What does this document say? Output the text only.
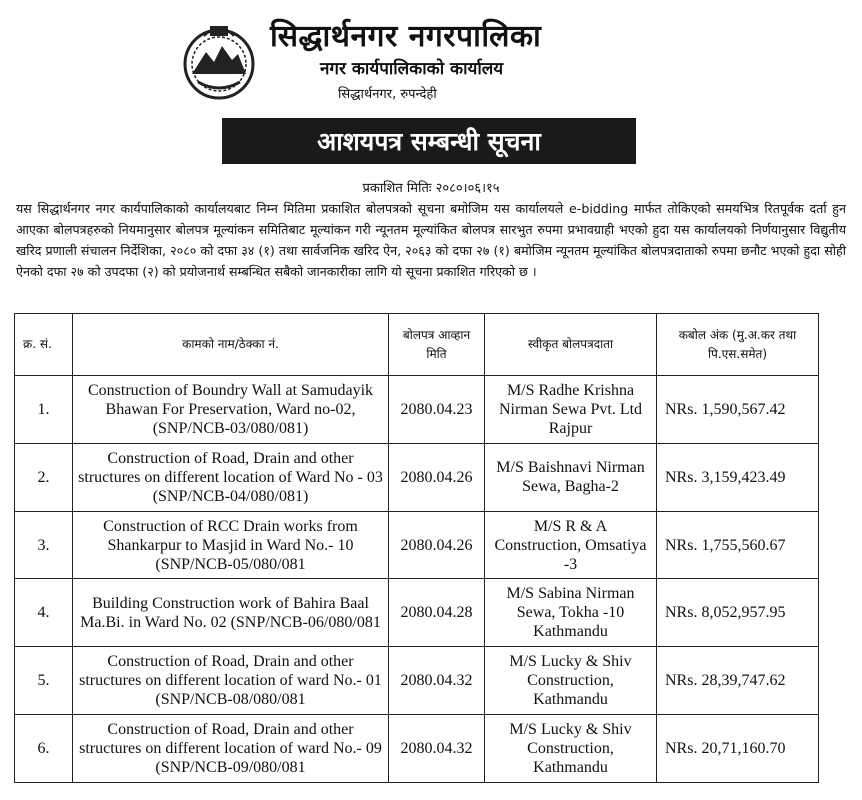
सिद्धार्थनगर नगरपालिका
नगर कार्यपालिकाको कार्यालय
सिद्धार्थनगर, रुपन्देही
आशयपत्र सम्बन्धी सूचना
प्रकाशित मितिः २०८०।०६।१५

यस सिद्धार्थनगर नगर कार्यपालिकाको कार्यालयबाट निम्न मितिमा प्रकाशित बोलपत्रको सूचना बमोजिम यस कार्यालयले e-bidding मार्फत तोकिएको समयभित्र रितपूर्वक दर्ता हुन आएका बोलपत्रहरुको नियमानुसार बोलपत्र मूल्यांकन समितिबाट मूल्यांकन गरी न्यूनतम मूल्यांकित बोलपत्र सारभुत रुपमा प्रभावग्राही भएको हुदा यस कार्यालयको निर्णयानुसार विद्युतीय खरिद प्रणाली संचालन निर्देशिका, २०८० को दफा ३४ (१) तथा सार्वजनिक खरिद ऐन, २०६३ को दफा २७ (१) बमोजिम न्यूनतम मूल्यांकित बोलपत्रदाताको रुपमा छनौट भएको हुदा सोही ऐनको दफा २७ को उपदफा (२) को प्रयोजनार्थ सम्बन्धित सबैको जानकारीका लागि यो सूचना प्रकाशित गरिएको छ ।

क्र. सं.	कामको नाम/ठेक्का नं.	बोलपत्र आव्हान मिति	स्वीकृत बोलपत्रदाता	कबोल अंक (मु.अ.कर तथा पि.एस.समेत)
1.	Construction of Boundry Wall at Samudayik Bhawan For Preservation, Ward no-02, (SNP/NCB-03/080/081)	2080.04.23	M/S Radhe Krishna Nirman Sewa Pvt. Ltd Rajpur	NRs. 1,590,567.42
2.	Construction of Road, Drain and other structures on different location of Ward No - 03 (SNP/NCB-04/080/081)	2080.04.26	M/S Baishnavi Nirman Sewa, Bagha-2	NRs. 3,159,423.49
3.	Construction of RCC Drain works from Shankarpur to Masjid in Ward No.- 10 (SNP/NCB-05/080/081	2080.04.26	M/S R & A Construction, Omsatiya -3	NRs. 1,755,560.67
4.	Building Construction work of Bahira Baal Ma.Bi. in Ward No. 02 (SNP/NCB-06/080/081	2080.04.28	M/S Sabina Nirman Sewa, Tokha -10 Kathmandu	NRs. 8,052,957.95
5.	Construction of Road, Drain and other structures on different location of ward No.- 01 (SNP/NCB-08/080/081	2080.04.32	M/S Lucky & Shiv Construction, Kathmandu	NRs. 28,39,747.62
6.	Construction of Road, Drain and other structures on different location of ward No.- 09 (SNP/NCB-09/080/081	2080.04.32	M/S Lucky & Shiv Construction, Kathmandu	NRs. 20,71,160.70
